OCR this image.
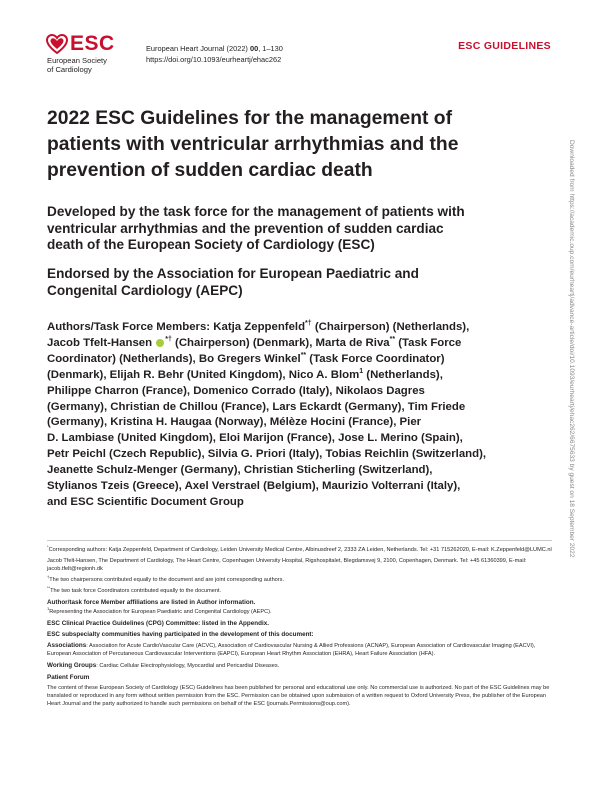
ESC
European Society
of Cardiology
European Heart Journal (2022) 00, 1–130
https://doi.org/10.1093/eurheartj/ehac262
ESC GUIDELINES
2022 ESC Guidelines for the management of
patients with ventricular arrhythmias and the
prevention of sudden cardiac death
Developed by the task force for the management of patients with
ventricular arrhythmias and the prevention of sudden cardiac
death of the European Society of Cardiology (ESC)
Endorsed by the Association for European Paediatric and
Congenital Cardiology (AEPC)
Authors/Task Force Members: Katja Zeppenfeld*† (Chairperson) (Netherlands),
Jacob Tfelt-Hansen *† (Chairperson) (Denmark), Marta de Riva** (Task Force
Coordinator) (Netherlands), Bo Gregers Winkel** (Task Force Coordinator)
(Denmark), Elijah R. Behr (United Kingdom), Nico A. Blom$^1$ (Netherlands),
Philippe Charron (France), Domenico Corrado (Italy), Nikolaos Dagres
(Germany), Christian de Chillou (France), Lars Eckardt (Germany), Tim Friede
(Germany), Kristina H. Haugaa (Norway), Mélèze Hocini (France), Pier
D. Lambiase (United Kingdom), Eloi Marijon (France), Jose L. Merino (Spain),
Petr Peichl (Czech Republic), Silvia G. Priori (Italy), Tobias Reichlin (Switzerland),
Jeanette Schulz-Menger (Germany), Christian Sticherling (Switzerland),
Stylianos Tzeis (Greece), Axel Verstrael (Belgium), Maurizio Volterrani (Italy),
and ESC Scientific Document Group

*Corresponding authors: Katja Zeppenfeld, Department of Cardiology, Leiden University Medical Centre, Albinusdreef 2, 2333 ZA Leiden, Netherlands. Tel: +31 715262020, E-mail: K.Zeppenfeld@LUMC.nl

Jacob Tfelt-Hansen, The Department of Cardiology, The Heart Centre, Copenhagen University Hospital, Rigshospitalet, Blegdamsvej 9, 2100, Copenhagen, Denmark. Tel: +45 61360399, E-mail: jacob.tfelt@regionh.dk

†The two chairpersons contributed equally to the document and are joint corresponding authors.

**The two task force Coordinators contributed equally to the document.

Author/task force Member affiliations are listed in Author information.

$^1$Representing the Association for European Paediatric and Congenital Cardiology (AEPC).

ESC Clinical Practice Guidelines (CPG) Committee: listed in the Appendix.

ESC subspecialty communities having participated in the development of this document:

Associations: Association for Acute CardioVascular Care (ACVC), Association of Cardiovascular Nursing & Allied Professions (ACNAP), European Association of Cardiovascular Imaging (EACVI), European Association of Percutaneous Cardiovascular Interventions (EAPCI), European Heart Rhythm Association (EHRA), Heart Failure Association (HFA).

Working Groups: Cardiac Cellular Electrophysiology, Myocardial and Pericardial Diseases.

Patient Forum

The content of these European Society of Cardiology (ESC) Guidelines has been published for personal and educational use only. No commercial use is authorized. No part of the ESC Guidelines may be translated or reproduced in any form without written permission from the ESC. Permission can be obtained upon submission of a written request to Oxford University Press, the publisher of the European Heart Journal and the party authorized to handle such permissions on behalf of the ESC (journals.Permissions@oup.com).

Downloaded from https://academic.oup.com/eurheartj/advance-article/doi/10.1093/eurheartj/ehac262/6675633 by guest on 18 September 2022
